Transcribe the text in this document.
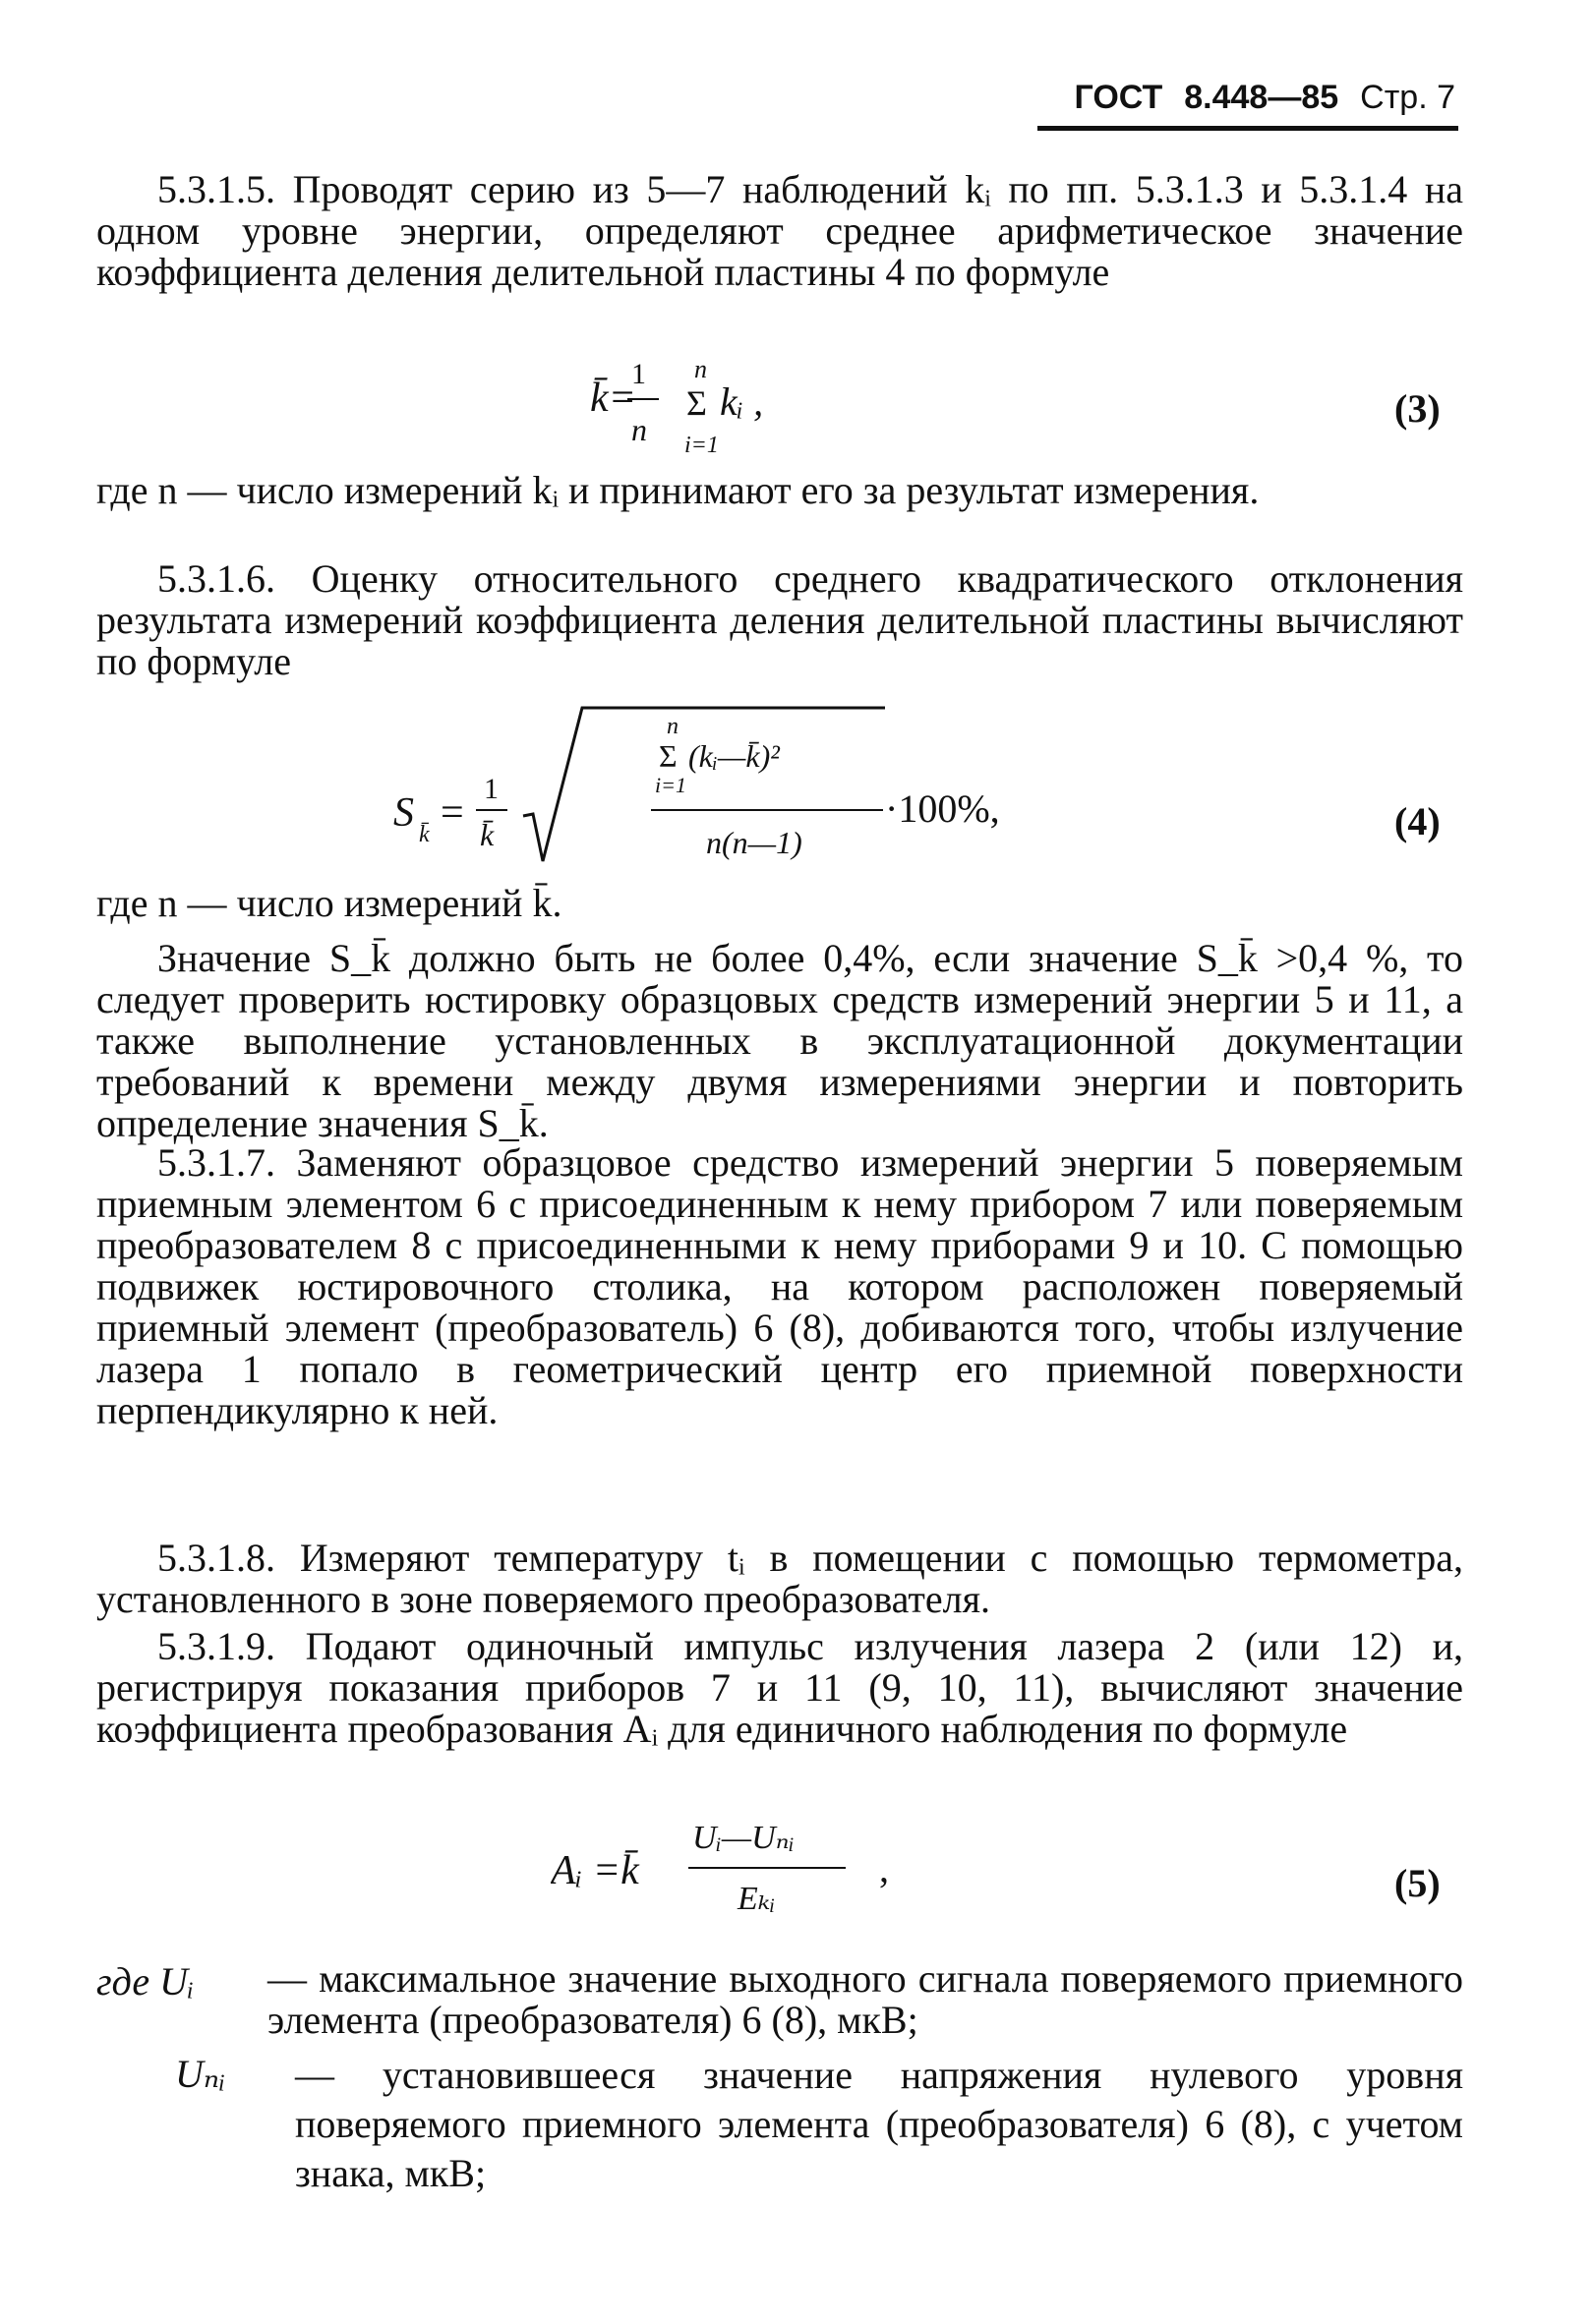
ГОСТ 8.448—85 Стр. 7
5.3.1.5. Проводят серию из 5—7 наблюдений kᵢ по пп. 5.3.1.3 и 5.3.1.4 на одном уровне энергии, определяют среднее арифметическое значение коэффициента деления делительной пластины 4 по формуле
1
k̄=
n
n
Σ
i=1
kᵢ ,	(3)
где n — число измерений kᵢ и принимают его за результат измерения.
5.3.1.6. Оценку относительного среднего квадратического отклонения результата измерений коэффициента деления делительной пластины вычисляют по формуле
S k̄ =
1
k̄
n
Σ
i=1
(kᵢ—k̄)²
n(n—1)
·100%,	(4)
где n — число измерений k̄.
Значение S_k̄ должно быть не более 0,4%, если значение S_k̄ >0,4 %, то следует проверить юстировку образцовых средств измерений энергии 5 и 11, а также выполнение установленных в эксплуатационной документации требований к времени между двумя измерениями энергии и повторить определение значения S_k̄.
5.3.1.7. Заменяют образцовое средство измерений энергии 5 поверяемым приемным элементом 6 с присоединенным к нему прибором 7 или поверяемым преобразователем 8 с присоединенными к нему приборами 9 и 10. С помощью подвижек юстировочного столика, на котором расположен поверяемый приемный элемент (преобразователь) 6 (8), добиваются того, чтобы излучение лазера 1 попало в геометрический центр его приемной поверхности перпендикулярно к ней.
5.3.1.8. Измеряют температуру tᵢ в помещении с помощью термометра, установленного в зоне поверяемого преобразователя.
5.3.1.9. Подают одиночный импульс излучения лазера 2 (или 12) и, регистрируя показания приборов 7 и 11 (9, 10, 11), вычисляют значение коэффициента преобразования Aᵢ для единичного наблюдения по формуле
Aᵢ =k̄
Uᵢ—Uₙᵢ
Eₖᵢ
,	(5)
где Uᵢ — максимальное значение выходного сигнала поверяемого приемного элемента (преобразователя) 6 (8), мкВ;
Uₙᵢ — установившееся значение напряжения нулевого уровня поверяемого приемного элемента (преобразователя) 6 (8), с учетом знака, мкВ;
